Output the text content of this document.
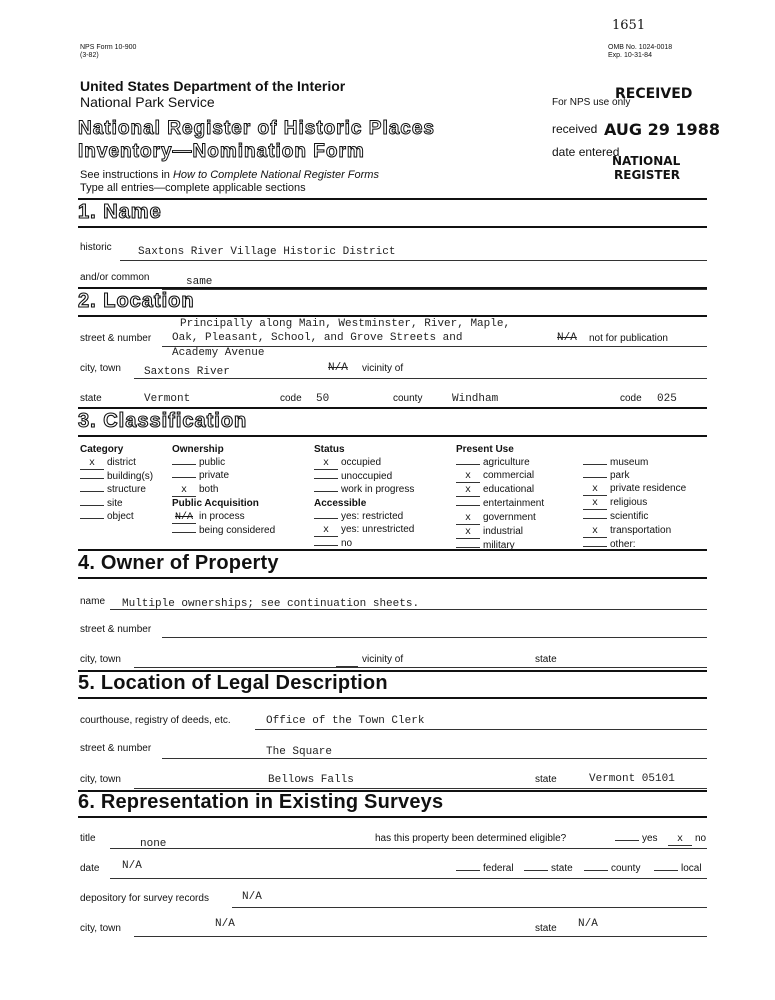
NPS Form 10-900
(3-82)
1651
OMB No. 1024-0018
Exp. 10-31-84
United States Department of the Interior
National Park Service
National Register of Historic Places
Inventory—Nomination Form
See instructions in How to Complete National Register Forms
Type all entries—complete applicable sections
RECEIVED
For NPS use only
received AUG 29 1988
date entered
NATIONAL
REGISTER
1. Name
historic Saxtons River Village Historic District
and/or common	same
2. Location
street & number
Principally along Main, Westminster, River, Maple,
Oak, Pleasant, School, and Grove Streets and
Academy Avenue
N/A not for publication
city, town Saxtons River	N/A vicinity of
state	Vermont	code 50	county	Windham	code 025
3. Classification
Category
x district
building(s)
structure
site
object
Ownership
public
private
x both
Public Acquisition
N/A in process
being considered
Status
x occupied
unoccupied
work in progress
Accessible
yes: restricted
x yes: unrestricted
no
Present Use
agriculture
x commercial
x educational
entertainment
x government
x industrial
military
museum
park
x private residence
x religious
scientific
x transportation
other:
4. Owner of Property
name Multiple ownerships; see continuation sheets.
street & number
city, town	vicinity of	state
5. Location of Legal Description
courthouse, registry of deeds, etc.	Office of the Town Clerk
street & number	The Square
city, town	Bellows Falls	state	Vermont 05101
6. Representation in Existing Surveys
title	none	has this property been determined eligible?	yes	x no
date N/A	federal	state	county	local
depository for survey records	N/A
city, town	N/A	state N/A
